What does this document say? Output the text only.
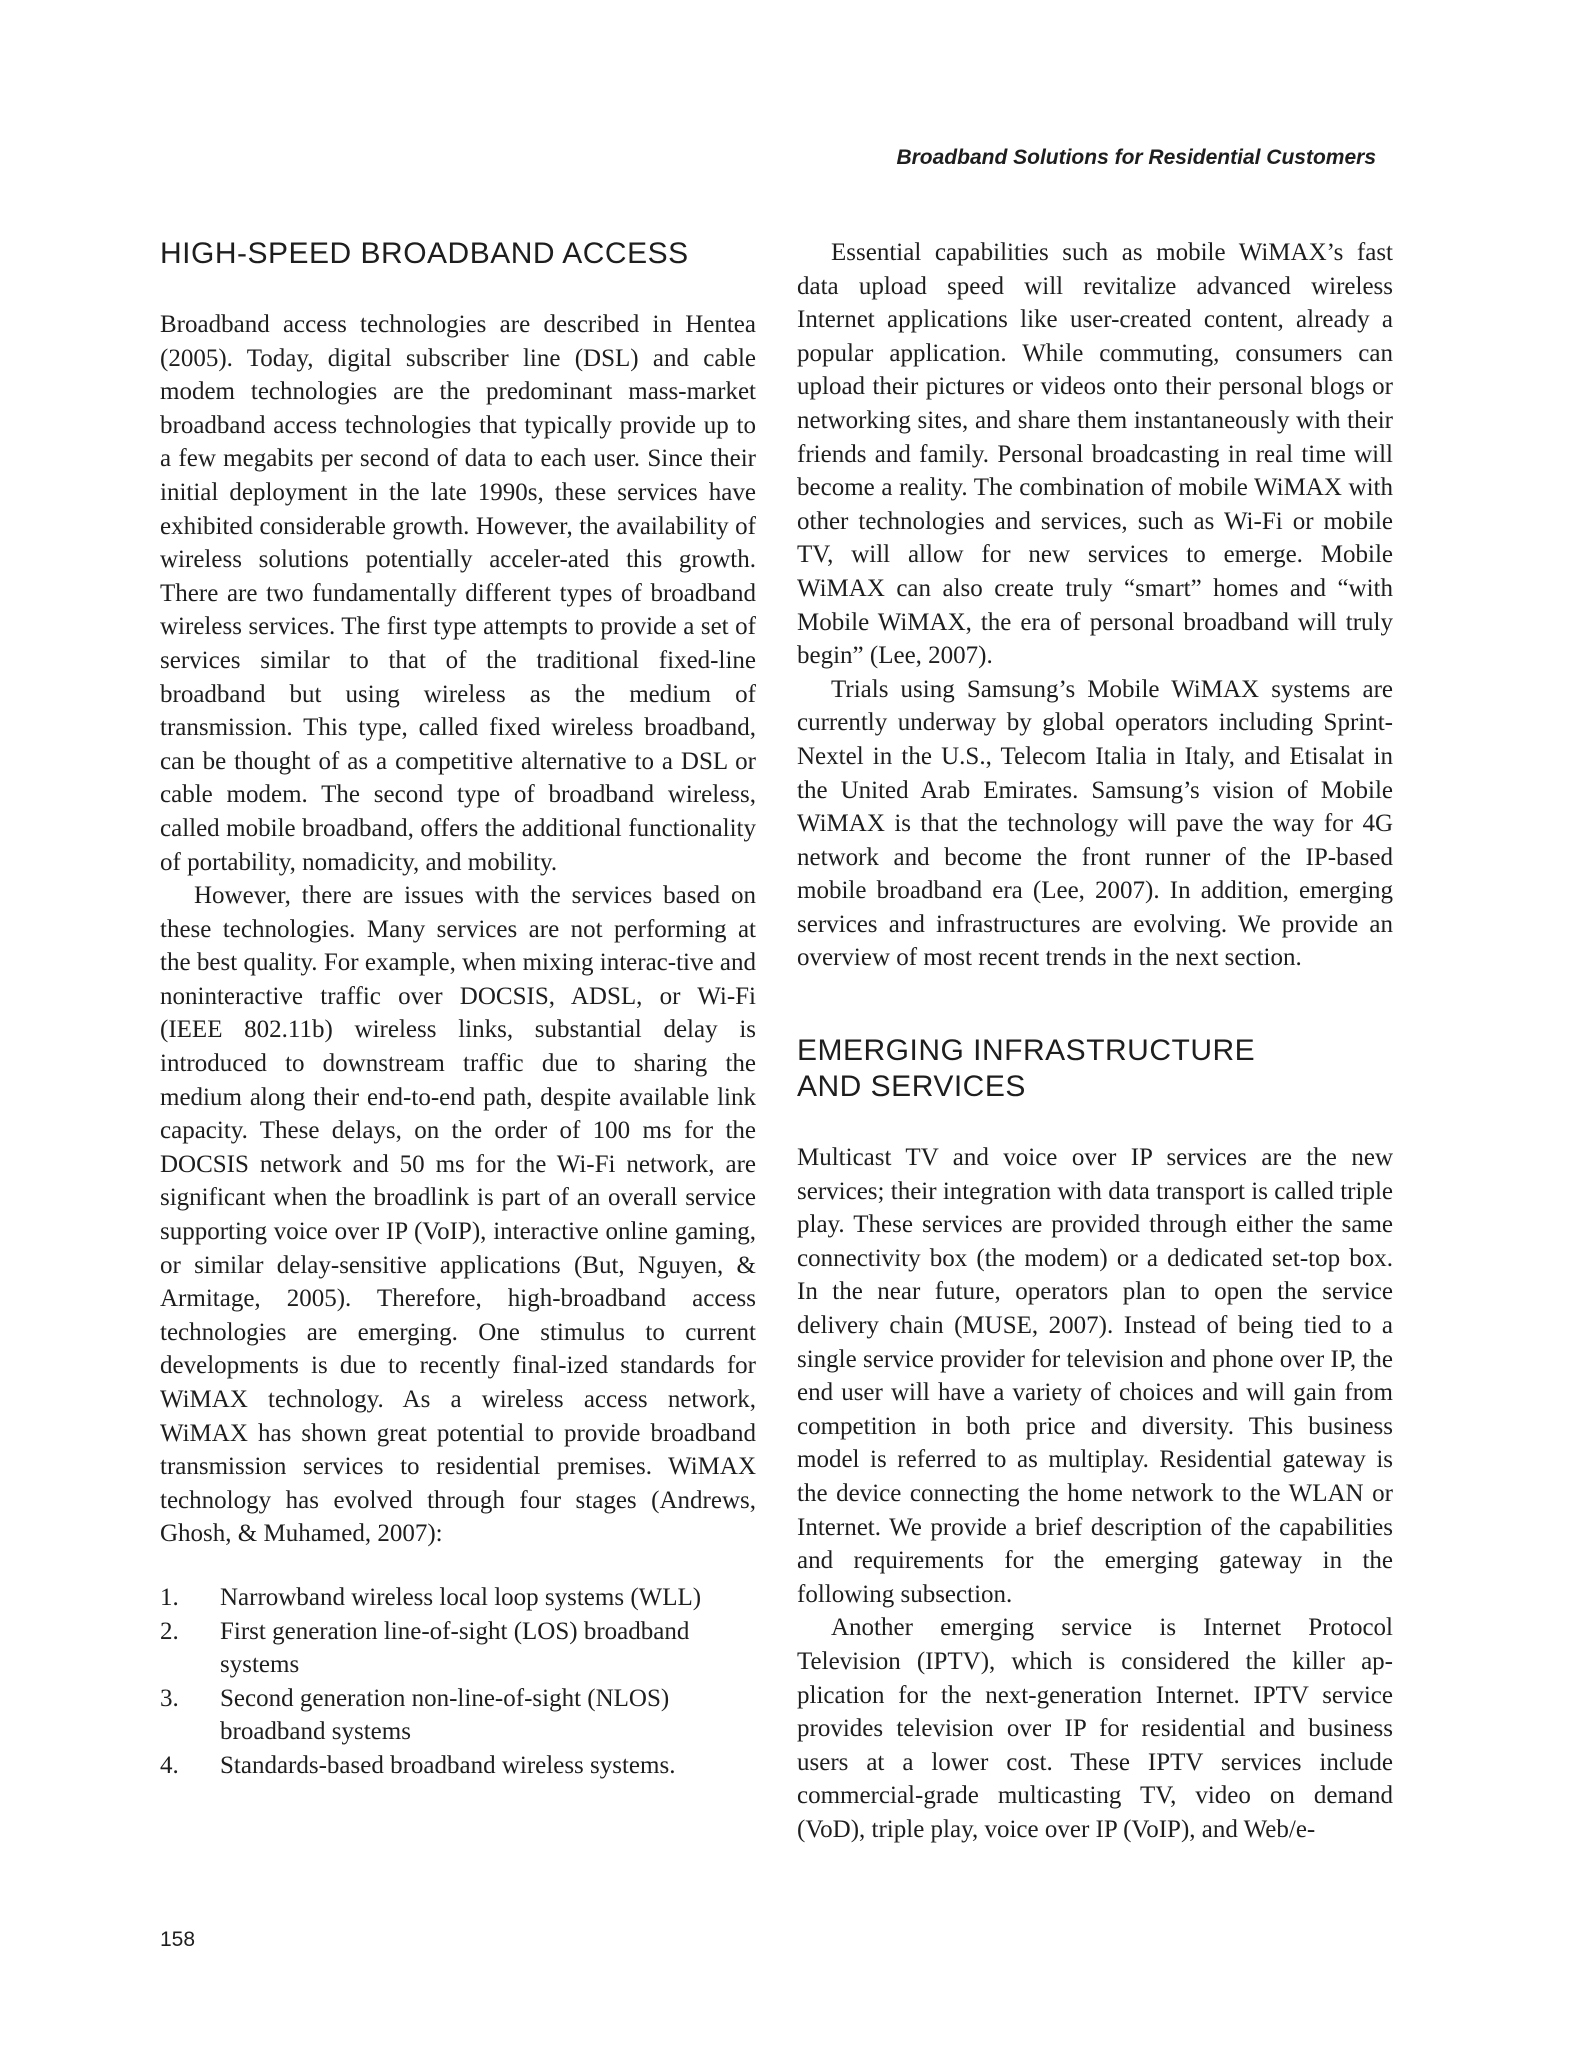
Broadband Solutions for Residential Customers
HIGH-SPEED BROADBAND ACCESS

Broadband access technologies are described in Hentea (2005). Today, digital subscriber line (DSL) and cable modem technologies are the predominant mass-market broadband access technologies that typically provide up to a few megabits per second of data to each user. Since their initial deployment in the late 1990s, these services have exhibited considerable growth. However, the availability of wireless solutions potentially acceler-ated this growth. There are two fundamentally different types of broadband wireless services. The first type attempts to provide a set of services similar to that of the traditional fixed-line broadband but using wireless as the medium of transmission. This type, called fixed wireless broadband, can be thought of as a competitive alternative to a DSL or cable modem. The second type of broadband wireless, called mobile broadband, offers the additional functionality of portability, nomadicity, and mobility.

However, there are issues with the services based on these technologies. Many services are not performing at the best quality. For example, when mixing interac-tive and noninteractive traffic over DOCSIS, ADSL, or Wi-Fi (IEEE 802.11b) wireless links, substantial delay is introduced to downstream traffic due to sharing the medium along their end-to-end path, despite available link capacity. These delays, on the order of 100 ms for the DOCSIS network and 50 ms for the Wi-Fi network, are significant when the broadlink is part of an overall service supporting voice over IP (VoIP), interactive online gaming, or similar delay-sensitive applications (But, Nguyen, & Armitage, 2005). Therefore, high-broadband access technologies are emerging. One stimulus to current developments is due to recently final-ized standards for WiMAX technology. As a wireless access network, WiMAX has shown great potential to provide broadband transmission services to residential premises. WiMAX technology has evolved through four stages (Andrews, Ghosh, & Muhamed, 2007):

1.	Narrowband wireless local loop systems (WLL)
2.	First generation line-of-sight (LOS) broadband systems
3.	Second generation non-line-of-sight (NLOS) broadband systems
4.	Standards-based broadband wireless systems.

Essential capabilities such as mobile WiMAX’s fast data upload speed will revitalize advanced wireless Internet applications like user-created content, already a popular application. While commuting, consumers can upload their pictures or videos onto their personal blogs or networking sites, and share them instantaneously with their friends and family. Personal broadcasting in real time will become a reality. The combination of mobile WiMAX with other technologies and services, such as Wi-Fi or mobile TV, will allow for new services to emerge. Mobile WiMAX can also create truly “smart” homes and “with Mobile WiMAX, the era of personal broadband will truly begin” (Lee, 2007).

Trials using Samsung’s Mobile WiMAX systems are currently underway by global operators including Sprint-Nextel in the U.S., Telecom Italia in Italy, and Etisalat in the United Arab Emirates. Samsung’s vision of Mobile WiMAX is that the technology will pave the way for 4G network and become the front runner of the IP-based mobile broadband era (Lee, 2007). In addition, emerging services and infrastructures are evolving. We provide an overview of most recent trends in the next section.

EMERGING INFRASTRUCTURE
AND SERVICES

Multicast TV and voice over IP services are the new services; their integration with data transport is called triple play. These services are provided through either the same connectivity box (the modem) or a dedicated set-top box. In the near future, operators plan to open the service delivery chain (MUSE, 2007). Instead of being tied to a single service provider for television and phone over IP, the end user will have a variety of choices and will gain from competition in both price and diversity. This business model is referred to as multiplay. Residential gateway is the device connecting the home network to the WLAN or Internet. We provide a brief description of the capabilities and requirements for the emerging gateway in the following subsection.

Another emerging service is Internet Protocol Television (IPTV), which is considered the killer ap-plication for the next-generation Internet. IPTV service provides television over IP for residential and business users at a lower cost. These IPTV services include commercial-grade multicasting TV, video on demand (VoD), triple play, voice over IP (VoIP), and Web/e-

158
